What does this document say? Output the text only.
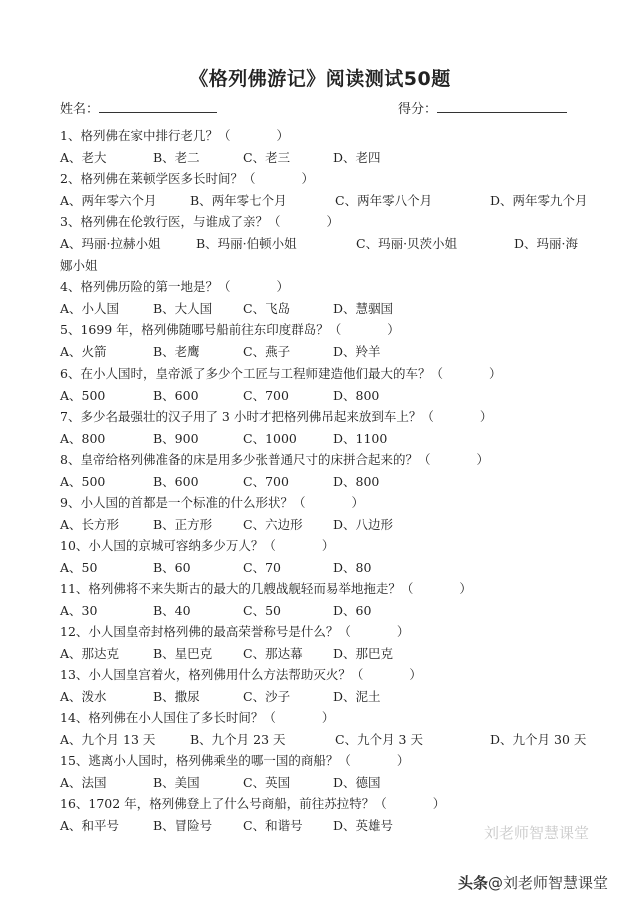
《格列佛游记》阅读测试50题
姓名：	得分：
1、格列佛在家中排行老几？（	）
A、老大	B、老二	C、老三	D、老四
2、格列佛在莱顿学医多长时间？（	）
A、两年零六个月	B、两年零七个月	C、两年零八个月	D、两年零九个月
3、格列佛在伦敦行医，与谁成了亲？（	）
A、玛丽·拉赫小姐	B、玛丽·伯顿小姐	C、玛丽·贝茨小姐	D、玛丽·海
娜小姐
4、格列佛历险的第一地是？（	）
A、小人国	B、大人国 C、飞岛	D、慧骃国
5、1699 年，格列佛随哪号船前往东印度群岛？（	）
A、火箭	B、老鹰	C、燕子	D、羚羊
6、在小人国时，皇帝派了多少个工匠与工程师建造他们最大的车？（	）
A、500	B、600	C、700	D、800
7、多少名最强壮的汉子用了 3 小时才把格列佛吊起来放到车上？（	）
A、800	B、900	C、1000	D、1100
8、皇帝给格列佛准备的床是用多少张普通尺寸的床拼合起来的？（	）
A、500	B、600	C、700	D、800
9、小人国的首都是一个标准的什么形状？（	）
A、长方形	B、正方形 C、六边形 D、八边形
10、小人国的京城可容纳多少万人？（	）
A、50	B、60	C、70	D、80
11、格列佛将不来失斯古的最大的几艘战舰轻而易举地拖走？（	）
A、30	B、40	C、50	D、60
12、小人国皇帝封格列佛的最高荣誉称号是什么？（	）
A、那达克	B、星巴克 C、那达幕 D、那巴克
13、小人国皇宫着火，格列佛用什么方法帮助灭火？（	）
A、泼水	B、撒尿	C、沙子	D、泥土
14、格列佛在小人国住了多长时间？（	）
A、九个月 13 天	B、九个月 23 天	C、九个月 3 天	D、九个月 30 天
15、逃离小人国时，格列佛乘坐的哪一国的商船？（	）
A、法国	B、美国	C、英国	D、德国
16、1702 年，格列佛登上了什么号商船，前往苏拉特？（	）
A、和平号	B、冒险号 C、和谐号 D、英雄号	刘老师智慧课堂
头条@刘老师智慧课堂
